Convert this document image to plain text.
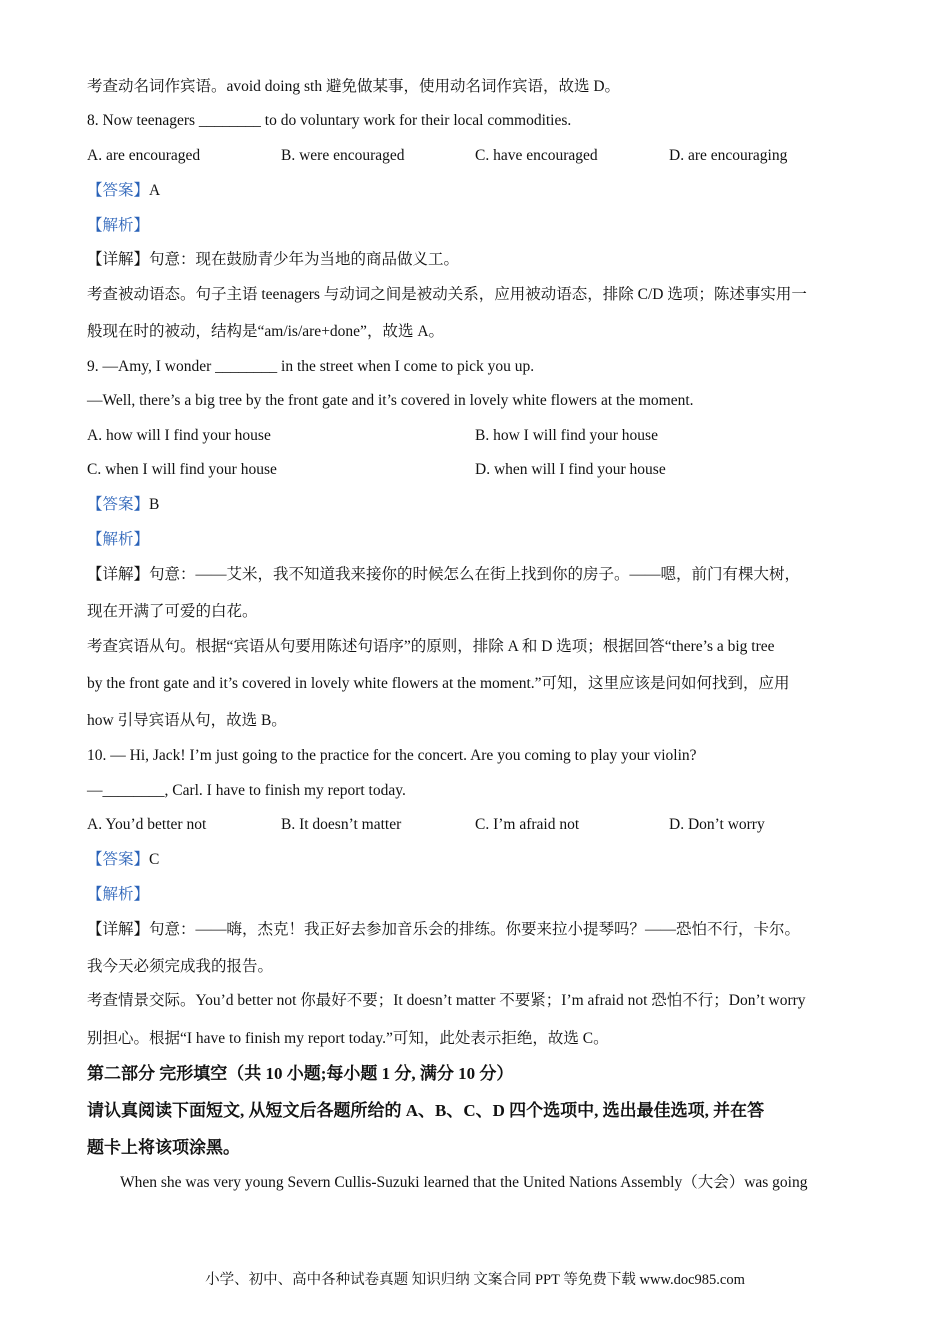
考查动名词作宾语。avoid doing sth 避免做某事，使用动名词作宾语，故选 D。
8. Now teenagers ________ to do voluntary work for their local commodities.
A. are encouraged	B. were encouraged	C. have encouraged	D. are encouraging
【答案】A
【解析】
【详解】句意：现在鼓励青少年为当地的商品做义工。
考查被动语态。句子主语 teenagers 与动词之间是被动关系，应用被动语态，排除 C/D 选项；陈述事实用一
般现在时的被动，结构是“am/is/are+done”，故选 A。
9. —Amy, I wonder ________ in the street when I come to pick you up.
—Well, there’s a big tree by the front gate and it’s covered in lovely white flowers at the moment.
A. how will I find your house	B. how I will find your house
C. when I will find your house	D. when will I find your house
【答案】B
【解析】
【详解】句意：——艾米，我不知道我来接你的时候怎么在街上找到你的房子。——嗯，前门有棵大树，
现在开满了可爱的白花。
考查宾语从句。根据“宾语从句要用陈述句语序”的原则，排除 A 和 D 选项；根据回答“there’s a big tree
by the front gate and it’s covered in lovely white flowers at the moment.”可知，这里应该是问如何找到，应用
how 引导宾语从句，故选 B。
10. — Hi, Jack! I’m just going to the practice for the concert. Are you coming to play your violin?
—________, Carl. I have to finish my report today.
A. You’d better not	B. It doesn’t matter	C. I’m afraid not	D. Don’t worry
【答案】C
【解析】
【详解】句意：——嗨，杰克！我正好去参加音乐会的排练。你要来拉小提琴吗？——恐怕不行，卡尔。
我今天必须完成我的报告。
考查情景交际。You’d better not 你最好不要；It doesn’t matter 不要紧；I’m afraid not 恐怕不行；Don’t worry
别担心。根据“I have to finish my report today.”可知，此处表示拒绝，故选 C。
第二部分 完形填空（共 10 小题;每小题 1 分, 满分 10 分）
请认真阅读下面短文, 从短文后各题所给的 A、B、C、D 四个选项中, 选出最佳选项, 并在答
题卡上将该项涂黑。
When she was very young Severn Cullis-Suzuki learned that the United Nations Assembly（大会）was going
小学、初中、高中各种试卷真题 知识归纳 文案合同 PPT 等免费下载 www.doc985.com
